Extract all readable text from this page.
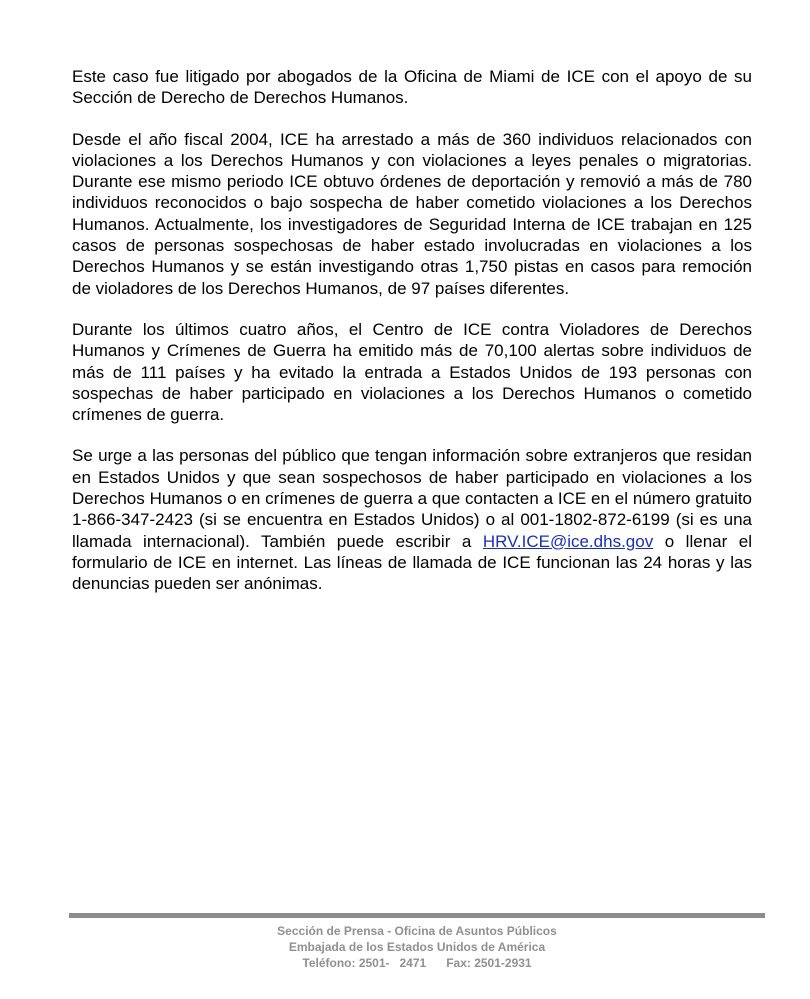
Este caso fue litigado por abogados de la Oficina de Miami de ICE con el apoyo de su Sección de Derecho de Derechos Humanos.

Desde el año fiscal 2004, ICE ha arrestado a más de 360 individuos relacionados con violaciones a los Derechos Humanos y con violaciones a leyes penales o migratorias. Durante ese mismo periodo ICE obtuvo órdenes de deportación y removió a más de 780 individuos reconocidos o bajo sospecha de haber cometido violaciones a los Derechos Humanos. Actualmente, los investigadores de Seguridad Interna de ICE trabajan en 125 casos de personas sospechosas de haber estado involucradas en violaciones a los Derechos Humanos y se están investigando otras 1,750 pistas en casos para remoción de violadores de los Derechos Humanos, de 97 países diferentes.

Durante los últimos cuatro años, el Centro de ICE contra Violadores de Derechos Humanos y Crímenes de Guerra ha emitido más de 70,100 alertas sobre individuos de más de 111 países y ha evitado la entrada a Estados Unidos de 193 personas con sospechas de haber participado en violaciones a los Derechos Humanos o cometido crímenes de guerra.

Se urge a las personas del público que tengan información sobre extranjeros que residan en Estados Unidos y que sean sospechosos de haber participado en violaciones a los Derechos Humanos o en crímenes de guerra a que contacten a ICE en el número gratuito 1-866-347-2423 (si se encuentra en Estados Unidos) o al 001-1802-872-6199 (si es una llamada internacional). También puede escribir a HRV.ICE@ice.dhs.gov o llenar el formulario de ICE en internet. Las líneas de llamada de ICE funcionan las 24 horas y las denuncias pueden ser anónimas.

Sección de Prensa - Oficina de Asuntos Públicos
Embajada de los Estados Unidos de América
Teléfono: 2501-   2471      Fax: 2501-2931
